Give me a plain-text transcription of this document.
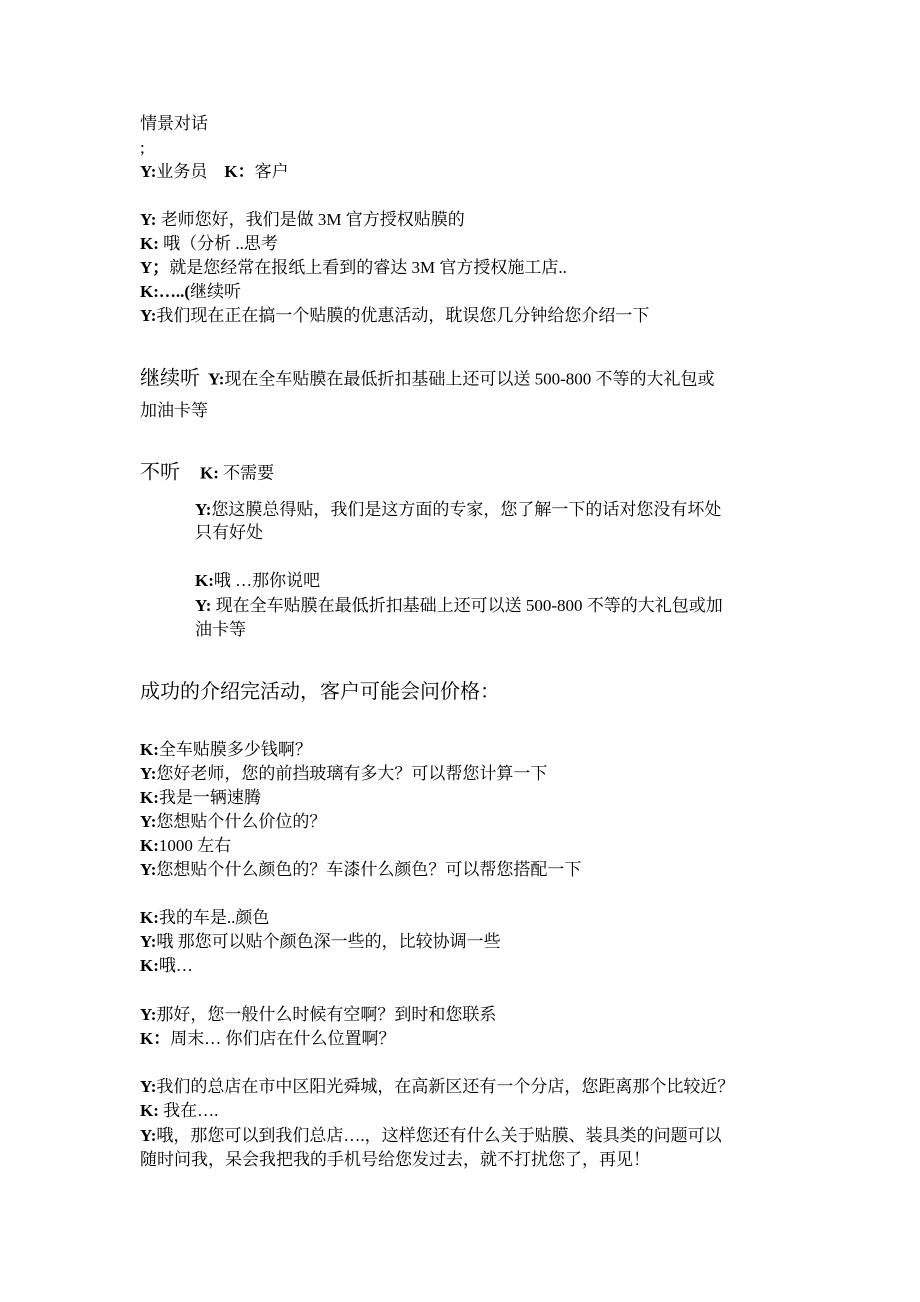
情景对话
;
Y:业务员 K：客户
Y: 老师您好，我们是做 3M 官方授权贴膜的
K: 哦（分析 ..思考
Y；就是您经常在报纸上看到的睿达 3M 官方授权施工店..
K:…..(继续听
Y:我们现在正在搞一个贴膜的优惠活动，耽误您几分钟给您介绍一下
继续听 Y:现在全车贴膜在最低折扣基础上还可以送 500-800 不等的大礼包或
加油卡等
不听 K: 不需要
Y:您这膜总得贴，我们是这方面的专家，您了解一下的话对您没有坏处
只有好处
K:哦 …那你说吧
Y: 现在全车贴膜在最低折扣基础上还可以送 500-800 不等的大礼包或加
油卡等
成功的介绍完活动，客户可能会问价格：
K:全车贴膜多少钱啊？
Y:您好老师，您的前挡玻璃有多大？可以帮您计算一下
K:我是一辆速腾
Y:您想贴个什么价位的？
K:1000 左右
Y:您想贴个什么颜色的？车漆什么颜色？可以帮您搭配一下
K:我的车是..颜色
Y:哦 那您可以贴个颜色深一些的，比较协调一些
K:哦…
Y:那好，您一般什么时候有空啊？到时和您联系
K：周末… 你们店在什么位置啊？
Y:我们的总店在市中区阳光舜城，在高新区还有一个分店，您距离那个比较近？
K: 我在….
Y:哦，那您可以到我们总店….，这样您还有什么关于贴膜、装具类的问题可以
随时问我，呆会我把我的手机号给您发过去，就不打扰您了，再见！
